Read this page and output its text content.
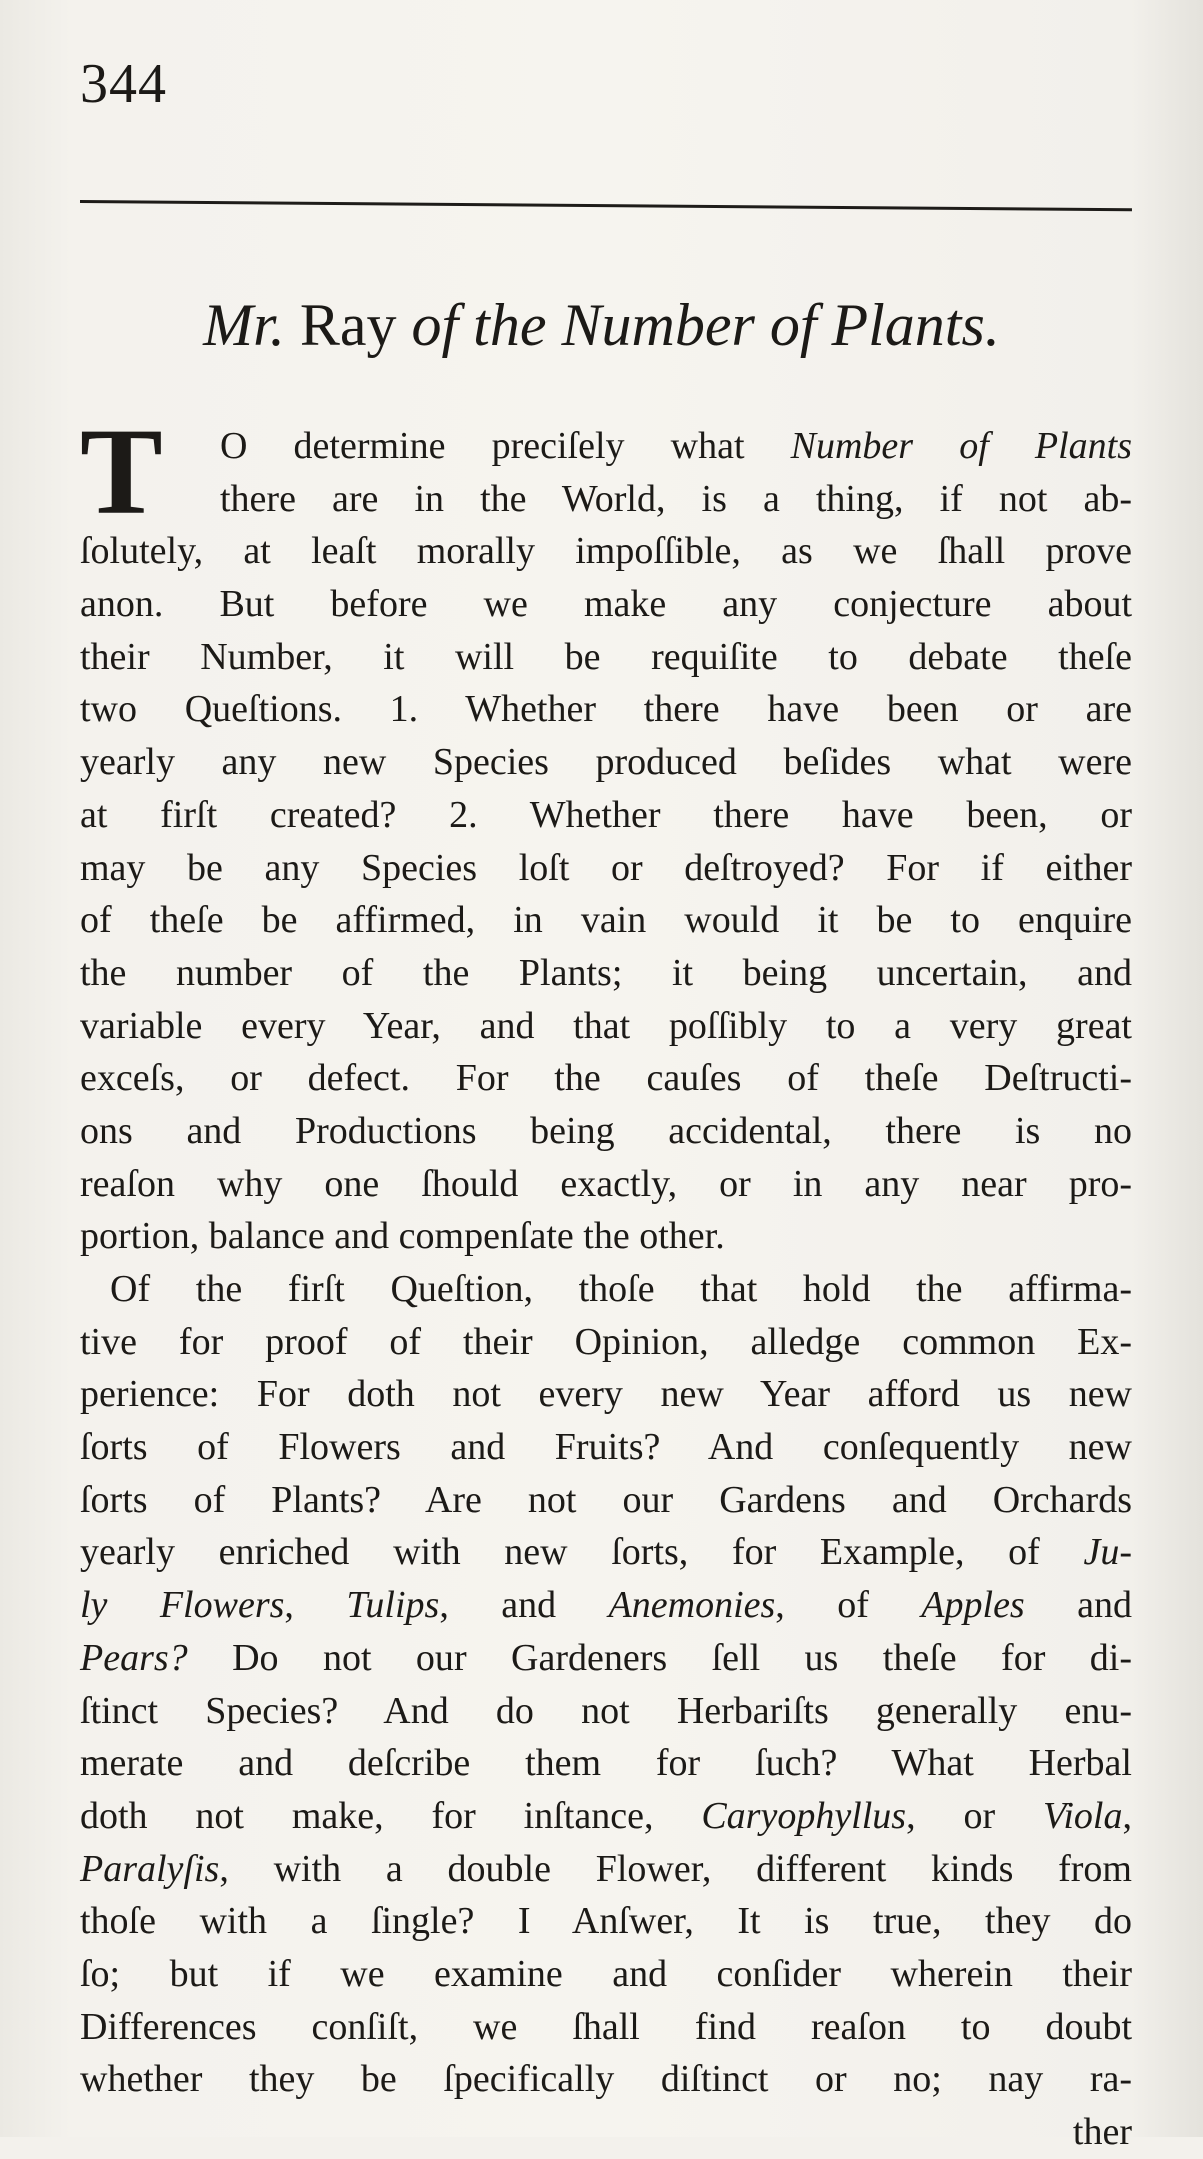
344
Mr. Ray of the Number of Plants.
T	O determine preciſely what Number of Plants
there are in the World, is a thing, if not ab-
ſolutely, at leaſt morally impoſſible, as we ſhall prove
anon. But before we make any conjecture about
their Number, it will be requiſite to debate theſe
two Queſtions. 1. Whether there have been or are
yearly any new Species produced beſides what were
at firſt created? 2. Whether there have been, or
may be any Species loſt or deſtroyed? For if either
of theſe be affirmed, in vain would it be to enquire
the number of the Plants; it being uncertain, and
variable every Year, and that poſſibly to a very great
exceſs, or defect. For the cauſes of theſe Deſtructi-
ons and Productions being accidental, there is no
reaſon why one ſhould exactly, or in any near pro-
portion, balance and compenſate the other.
Of the firſt Queſtion, thoſe that hold the affirma-
tive for proof of their Opinion, alledge common Ex-
perience: For doth not every new Year afford us new
ſorts of Flowers and Fruits? And conſequently new
ſorts of Plants? Are not our Gardens and Orchards
yearly enriched with new ſorts, for Example, of Ju-
ly Flowers, Tulips, and Anemonies, of Apples and
Pears? Do not our Gardeners ſell us theſe for di-
ſtinct Species? And do not Herbariſts generally enu-
merate and deſcribe them for ſuch? What Herbal
doth not make, for inſtance, Caryophyllus, or Viola,
Paralyſis, with a double Flower, different kinds from
thoſe with a ſingle? I Anſwer, It is true, they do
ſo; but if we examine and conſider wherein their
Differences conſiſt, we ſhall find reaſon to doubt
whether they be ſpecifically diſtinct or no; nay ra-
ther
